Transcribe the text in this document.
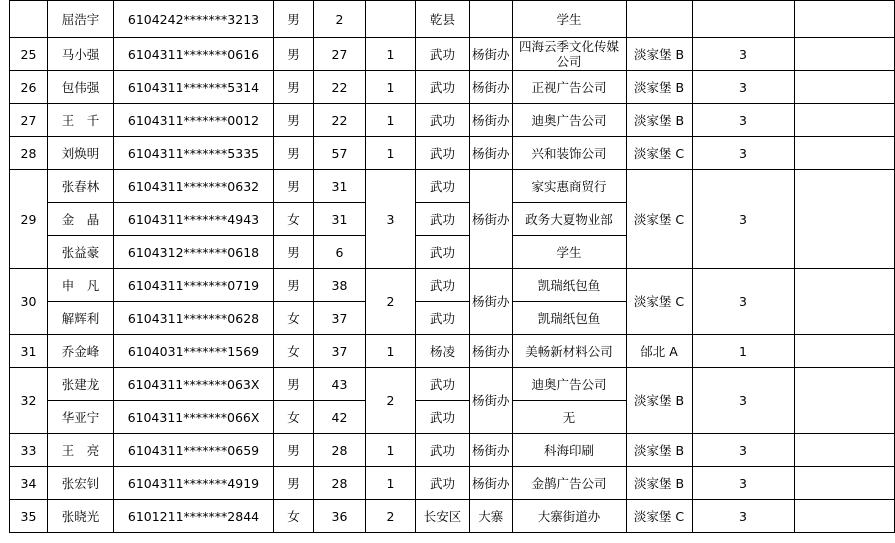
	屈浩宇	6104242*******3213	男	2		乾县		学生			
25	马小强	6104311*******0616	男	27	1	武功	杨街办	四海云季文化传媒公司	淡家堡 B	3	
26	包伟强	6104311*******5314	男	22	1	武功	杨街办	正视广告公司	淡家堡 B	3	
27	王　千	6104311*******0012	男	22	1	武功	杨街办	迪奥广告公司	淡家堡 B	3	
28	刘焕明	6104311*******5335	男	57	1	武功	杨街办	兴和装饰公司	淡家堡 C	3	
29	张春林	6104311*******0632	男	31	3	武功	杨街办	家实惠商贸行	淡家堡 C	3	
	金　晶	6104311*******4943	女	31		武功		政务大夏物业部			
	张益豪	6104312*******0618	男	6		武功		学生			
30	申　凡	6104311*******0719	男	38	2	武功	杨街办	凯瑞纸包鱼	淡家堡 C	3	
	解辉利	6104311*******0628	女	37		武功		凯瑞纸包鱼			
31	乔金峰	6104031*******1569	女	37	1	杨凌	杨街办	美畅新材料公司	邰北 A	1	
32	张建龙	6104311*******063X	男	43	2	武功	杨街办	迪奥广告公司	淡家堡 B	3	
	华亚宁	6104311*******066X	女	42		武功		无			
33	王　亮	6104311*******0659	男	28	1	武功	杨街办	科海印刷	淡家堡 B	3	
34	张宏钊	6104311*******4919	男	28	1	武功	杨街办	金鹊广告公司	淡家堡 B	3	
35	张晓光	6101211*******2844	女	36	2	长安区	大寨	大寨街道办	淡家堡 C	3	
